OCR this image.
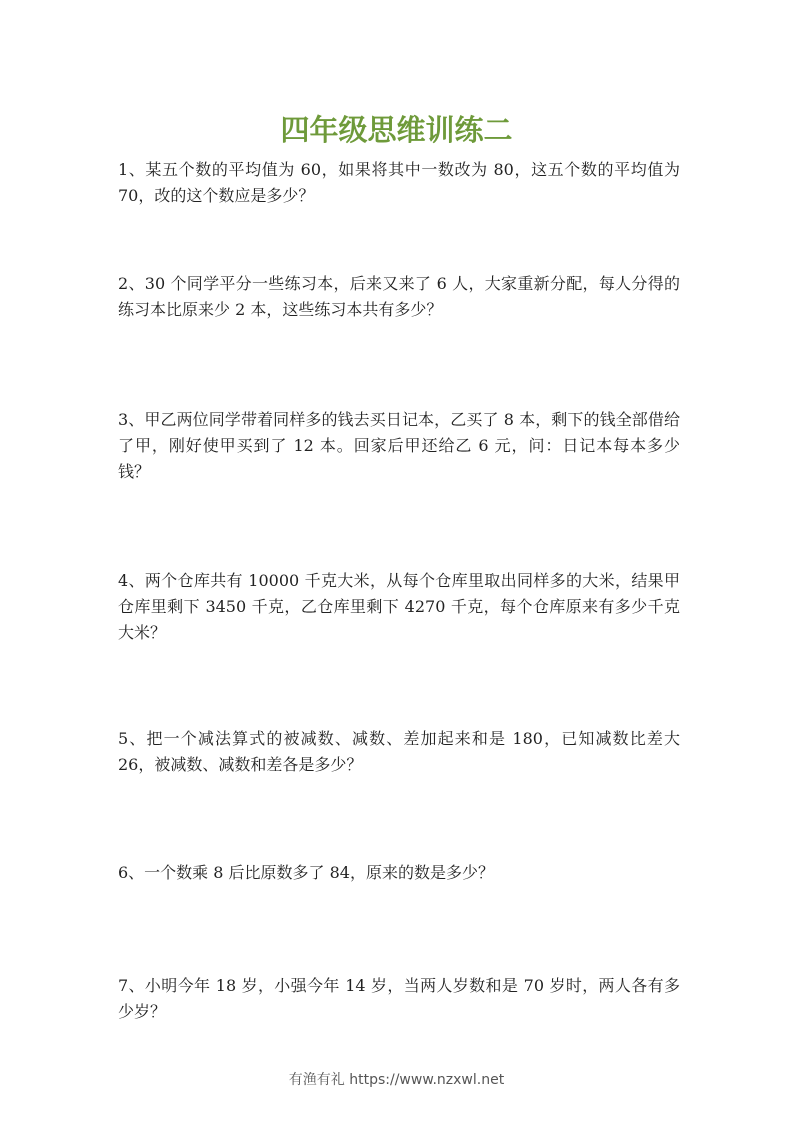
四年级思维训练二

1、某五个数的平均值为 60，如果将其中一数改为 80，这五个数的平均值为 70，改的这个数应是多少？

2、30 个同学平分一些练习本，后来又来了 6 人，大家重新分配，每人分得的练习本比原来少 2 本，这些练习本共有多少？

3、甲乙两位同学带着同样多的钱去买日记本，乙买了 8 本，剩下的钱全部借给了甲，刚好使甲买到了 12 本。回家后甲还给乙 6 元，问：日记本每本多少钱？

4、两个仓库共有 10000 千克大米，从每个仓库里取出同样多的大米，结果甲仓库里剩下 3450 千克，乙仓库里剩下 4270 千克，每个仓库原来有多少千克大米？

5、把一个减法算式的被减数、减数、差加起来和是 180，已知减数比差大 26，被减数、减数和差各是多少？

6、一个数乘 8 后比原数多了 84，原来的数是多少？

7、小明今年 18 岁，小强今年 14 岁，当两人岁数和是 70 岁时，两人各有多少岁？

有渔有礼 https://www.nzxwl.net
